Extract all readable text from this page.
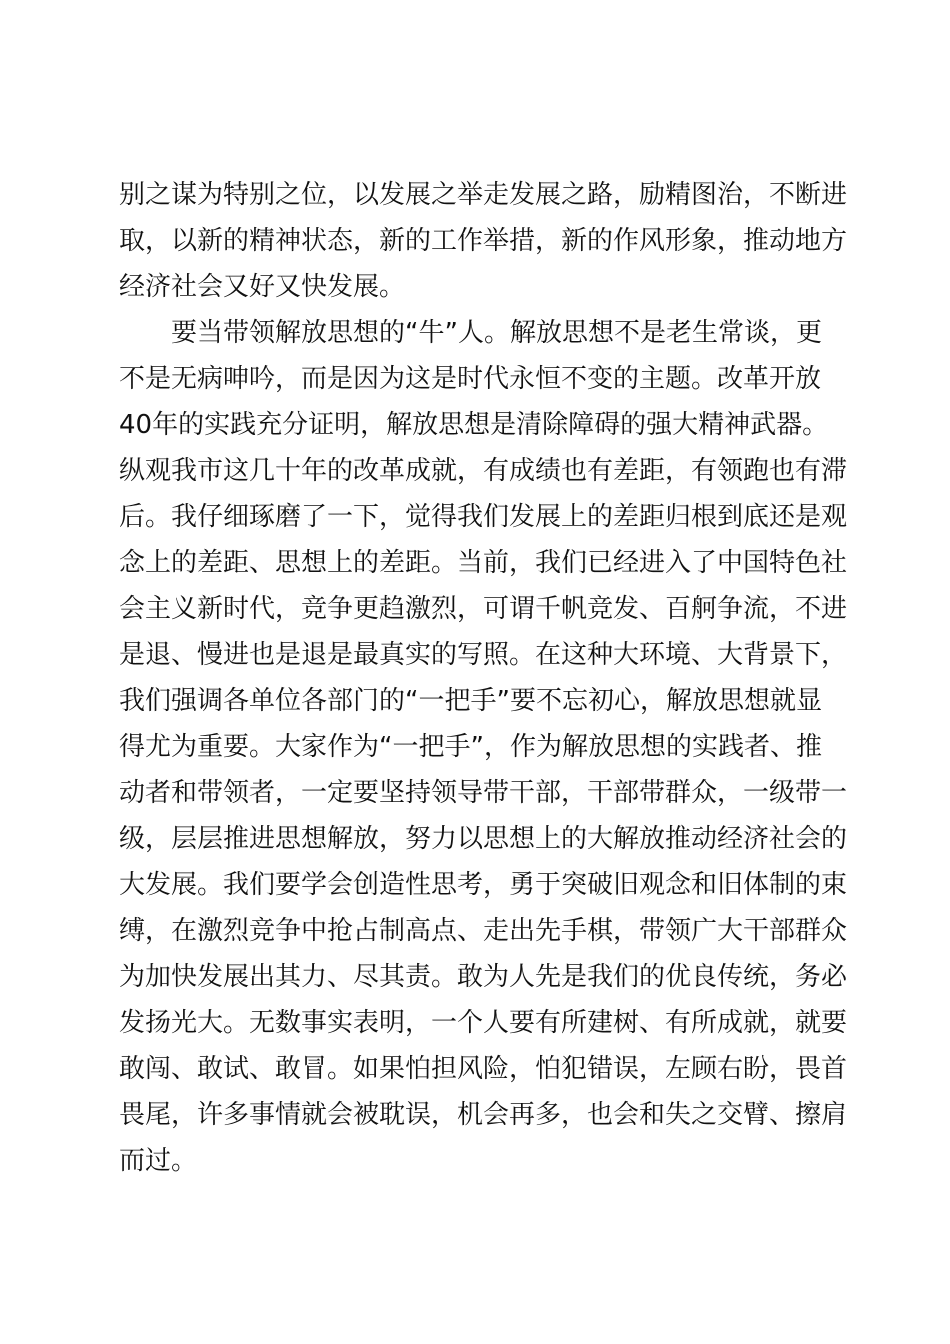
别之谋为特别之位，以发展之举走发展之路，励精图治，不断进
取，以新的精神状态，新的工作举措，新的作风形象，推动地方
经济社会又好又快发展。
要当带领解放思想的“牛”人。解放思想不是老生常谈，更
不是无病呻吟，而是因为这是时代永恒不变的主题。改革开放
40年的实践充分证明，解放思想是清除障碍的强大精神武器。
纵观我市这几十年的改革成就，有成绩也有差距，有领跑也有滞
后。我仔细琢磨了一下，觉得我们发展上的差距归根到底还是观
念上的差距、思想上的差距。当前，我们已经进入了中国特色社
会主义新时代，竞争更趋激烈，可谓千帆竞发、百舸争流，不进
是退、慢进也是退是最真实的写照。在这种大环境、大背景下，
我们强调各单位各部门的“一把手”要不忘初心，解放思想就显
得尤为重要。大家作为“一把手”，作为解放思想的实践者、推
动者和带领者，一定要坚持领导带干部，干部带群众，一级带一
级，层层推进思想解放，努力以思想上的大解放推动经济社会的
大发展。我们要学会创造性思考，勇于突破旧观念和旧体制的束
缚，在激烈竞争中抢占制高点、走出先手棋，带领广大干部群众
为加快发展出其力、尽其责。敢为人先是我们的优良传统，务必
发扬光大。无数事实表明，一个人要有所建树、有所成就，就要
敢闯、敢试、敢冒。如果怕担风险，怕犯错误，左顾右盼，畏首
畏尾，许多事情就会被耽误，机会再多，也会和失之交臂、擦肩
而过。
